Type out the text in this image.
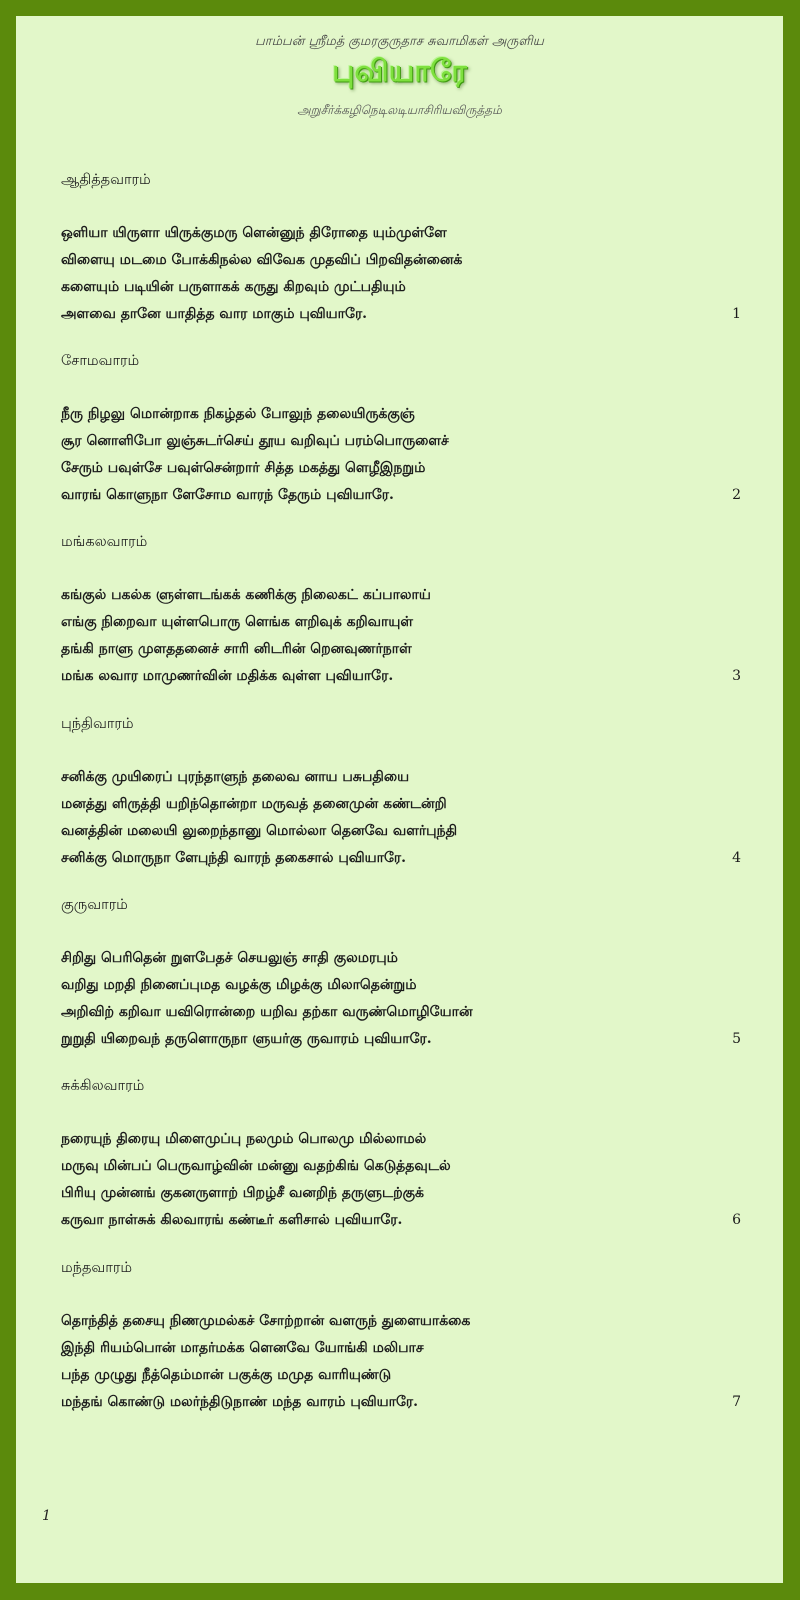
பாம்பன் ஸ்ரீமத் குமரகுருதாச சுவாமிகள் அருளிய

புவியாரே

அறுசீர்க்கழிநெடிலடியாசிரியவிருத்தம்

ஆதித்தவாரம்
ஒளியா யிருளா யிருக்குமரு ளென்னுந் திரோதை யும்முள்ளே
விளையு மடமை போக்கிநல்ல விவேக முதவிப் பிறவிதன்னைக்
களையும் படியின் பருளாகக் கருது கிறவும் முட்பதியும்
அளவை தானே யாதித்த வார மாகும் புவியாரே.	1
சோமவாரம்
நீரு நிழலு மொன்றாக நிகழ்தல் போலுந் தலையிருக்குஞ்
சூர னொளிபோ லுஞ்சுடர்செய் தூய வறிவுப் பரம்பொருளைச்
சேரும் பவுள்சே பவுள்சென்றார் சித்த மகத்து ளெழீஇநறும்
வாரங் கொளுநா ளேசோம வாரந் தேரும் புவியாரே.	2
மங்கலவாரம்
கங்குல் பகல்க ளுள்ளடங்கக் கணிக்கு நிலைகட் கப்பாலாய்
எங்கு நிறைவா யுள்ளபொரு ளெங்க ளறிவுக் கறிவாயுள்
தங்கி நாளு முளததனைச் சாரி னிடரின் றெனவுணர்நாள்
மங்க லவார மாமுணர்வின் மதிக்க வுள்ள புவியாரே.	3
புந்திவாரம்
சனிக்கு முயிரைப் புரந்தாளுந் தலைவ னாய பசுபதியை
மனத்து ளிருத்தி யறிந்தொன்றா மருவத் தனைமுன் கண்டன்றி
வனத்தின் மலையி லுறைந்தானு மொல்லா தெனவே வளர்புந்தி
சனிக்கு மொருநா ளேபுந்தி வாரந் தகைசால் புவியாரே.	4
குருவாரம்
சிறிது பெரிதென் றுளபேதச் செயலுஞ் சாதி குலமரபும்
வறிது மறதி நினைப்புமத வழக்கு மிழக்கு மிலாதென்றும்
அறிவிற் கறிவா யவிரொன்றை யறிவ தற்கா வருண்மொழியோன்
றுறுதி யிறைவந் தருளொருநா ளுயர்கு ருவாரம் புவியாரே.	5
சுக்கிலவாரம்
நரையுந் திரையு மிளைமுப்பு நலமும் பொலமு மில்லாமல்
மருவு மின்பப் பெருவாழ்வின் மன்னு வதற்கிங் கெடுத்தவுடல்
பிரியு முன்னங் குகனருளாற் பிறழ்சீ வனறிந் தருளுடற்குக்
கருவா நாள்சுக் கிலவாரங் கண்டீர் களிசால் புவியாரே.	6
மந்தவாரம்
தொந்தித் தசையு நிணமுமல்கச் சோற்றான் வளருந் துளையாக்கை
இந்தி ரியம்பொன் மாதர்மக்க ளெனவே யோங்கி மலிபாச
பந்த முழுது நீத்தெம்மான் பகுக்கு மமுத வாரியுண்டு
மந்தங் கொண்டு மலர்ந்திடுநாண் மந்த வாரம் புவியாரே.	7
1
